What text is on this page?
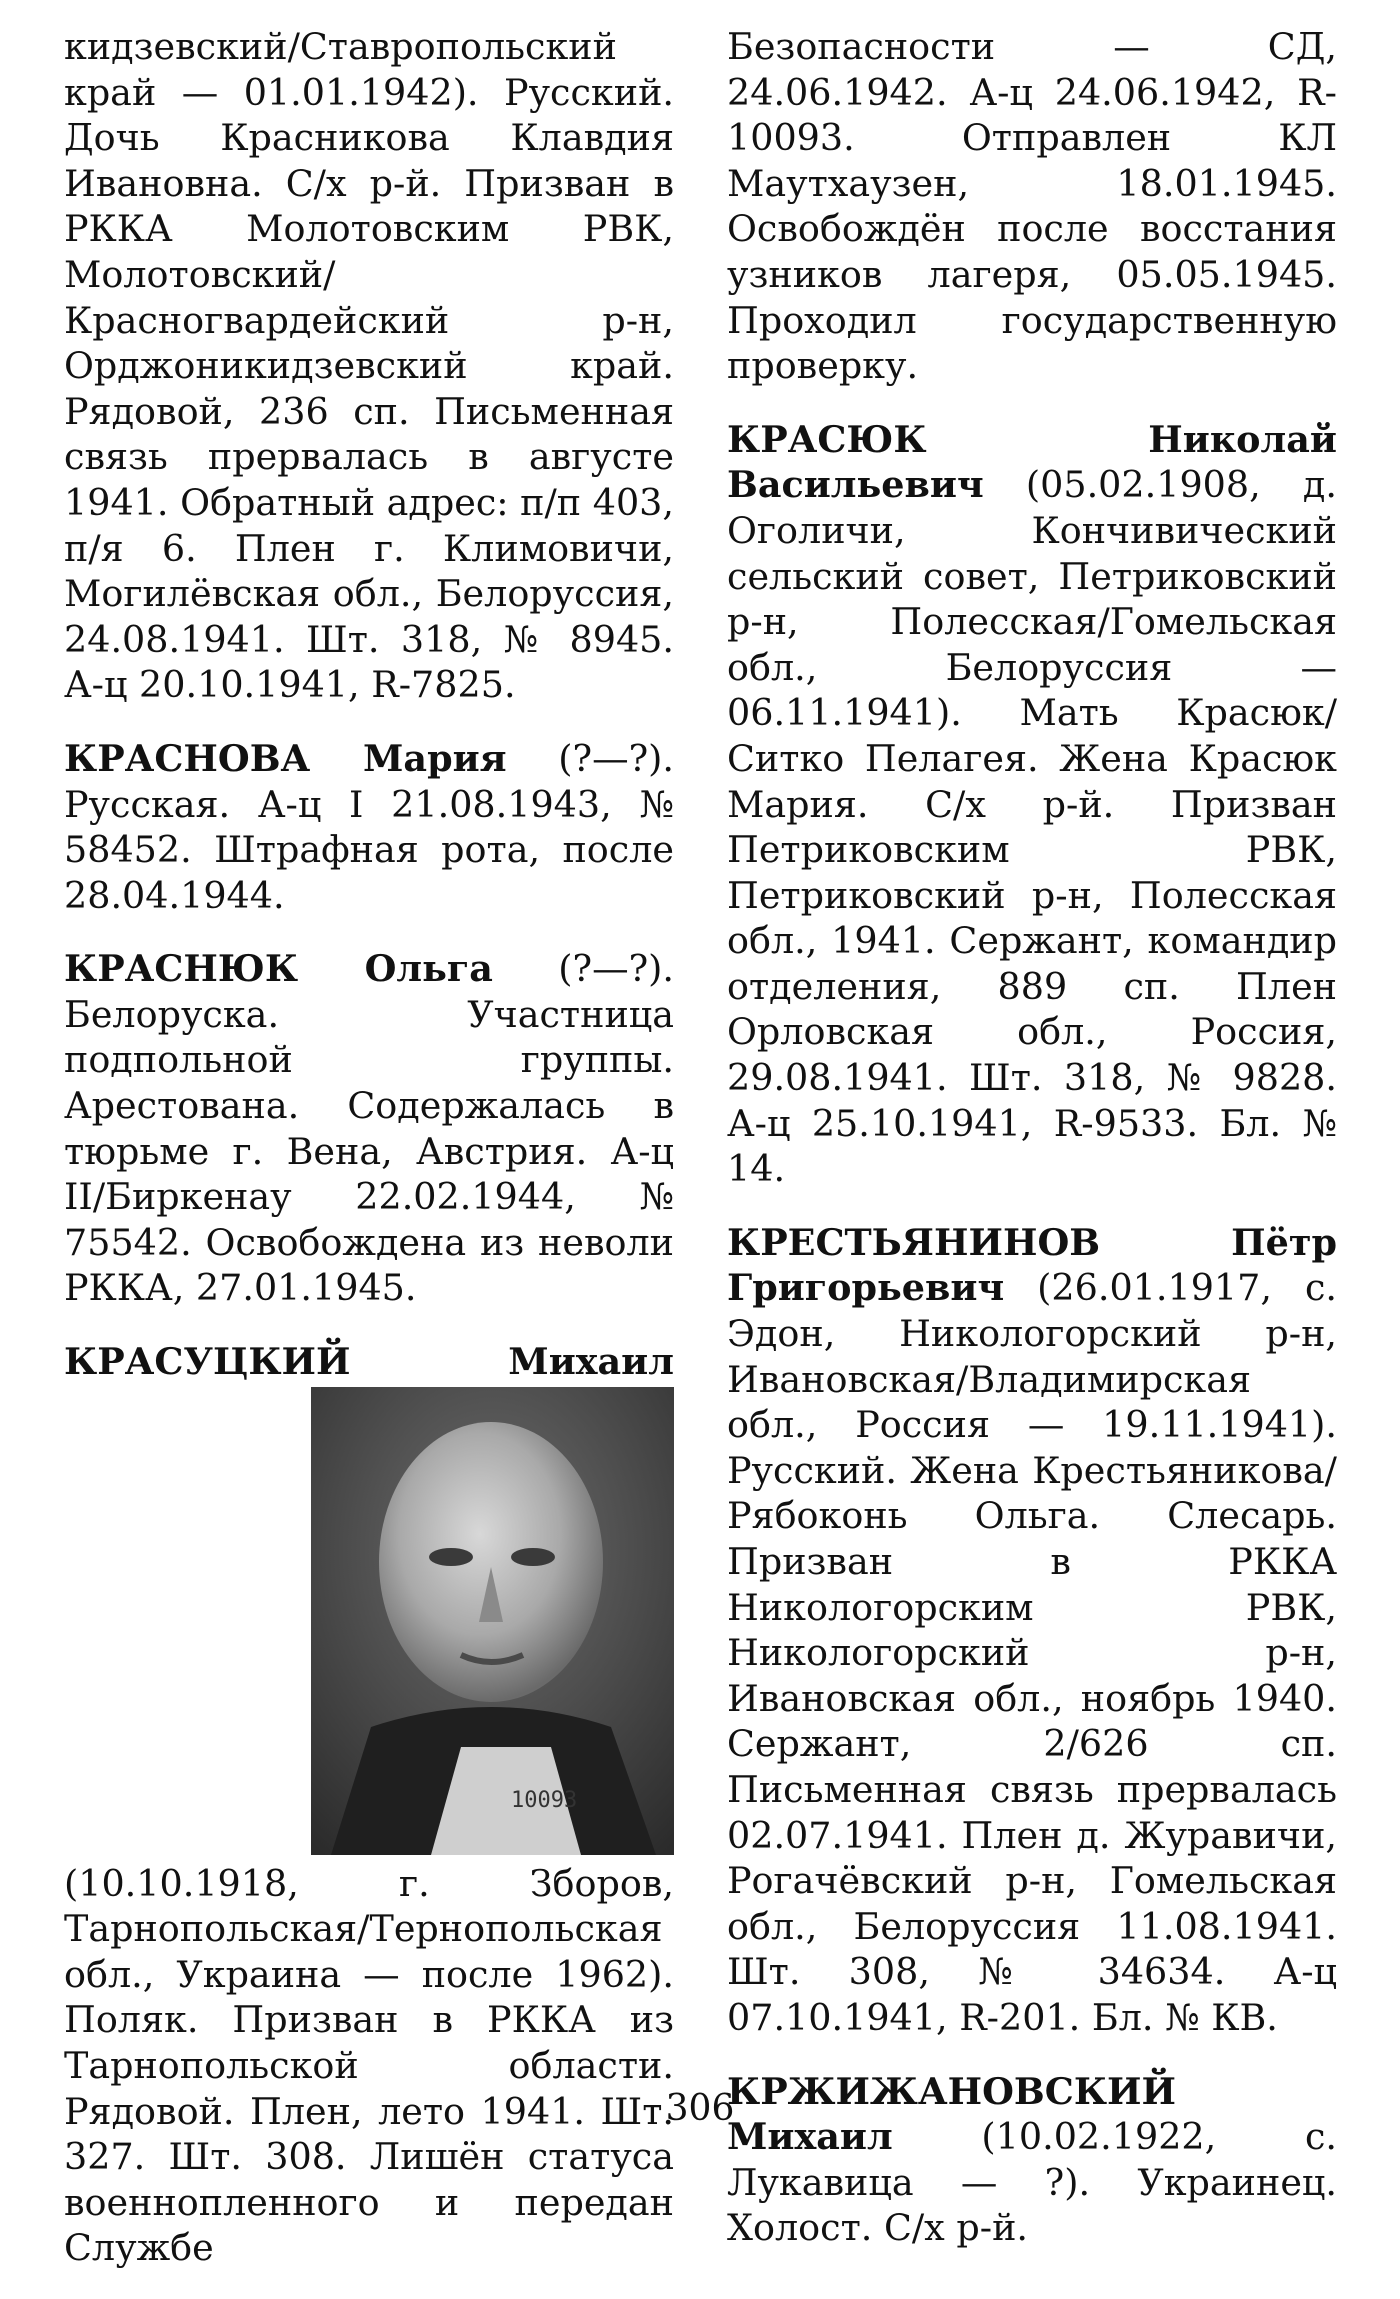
кидзевский/Ставропольский край — 01.01.1942). Русский. Дочь Красникова Клавдия Ивановна. С/х р-й. Призван в РККА Молотовским РВК, Молотовский/Красногвардейский р-н, Орджоникидзевский край. Рядовой, 236 сп. Письменная связь прервалась в августе 1941. Обратный адрес: п/п 403, п/я 6. Плен г. Климовичи, Могилёвская обл., Белоруссия, 24.08.1941. Шт. 318, № 8945. А-ц 20.10.1941, R-7825.

КРАСНОВА Мария (?—?). Русская. А-ц I 21.08.1943, № 58452. Штрафная рота, после 28.04.1944.

КРАСНЮК Ольга (?—?). Белоруска. Участница подпольной группы. Арестована. Содержалась в тюрьме г. Вена, Австрия. А-ц II/Биркенау 22.02.1944, № 75542. Освобождена из неволи РККА, 27.01.1945.

КРАСУЦКИЙ Михаил
10093
(10.10.1918, г. Зборов, Тарнопольская/Тернопольская обл., Украина — после 1962). Поляк. Призван в РККА из Тарнопольской области. Рядовой. Плен, лето 1941. Шт. 327. Шт. 308. Лишён статуса военнопленного и передан Службе

Безопасности — СД, 24.06.1942. А-ц 24.06.1942, R-10093. Отправлен КЛ Маутхаузен, 18.01.1945. Освобождён после восстания узников лагеря, 05.05.1945. Проходил государственную проверку.

КРАСЮК Николай Васильевич (05.02.1908, д. Оголичи, Кончивический сельский совет, Петриковский р-н, Полесская/Гомельская обл., Белоруссия — 06.11.1941). Мать Красюк/Ситко Пелагея. Жена Красюк Мария. С/х р-й. Призван Петриковским РВК, Петриковский р-н, Полесская обл., 1941. Сержант, командир отделения, 889 сп. Плен Орловская обл., Россия, 29.08.1941. Шт. 318, № 9828. А-ц 25.10.1941, R-9533. Бл. № 14.

КРЕСТЬЯНИНОВ Пётр Григорьевич (26.01.1917, с. Эдон, Никологорский р-н, Ивановская/Владимирская обл., Россия — 19.11.1941). Русский. Жена Крестьяникова/Рябоконь Ольга. Слесарь. Призван в РККА Никологорским РВК, Никологорский р-н, Ивановская обл., ноябрь 1940. Сержант, 2/626 сп. Письменная связь прервалась 02.07.1941. Плен д. Журавичи, Рогачёвский р-н, Гомельская обл., Белоруссия 11.08.1941. Шт. 308, № 34634. А-ц 07.10.1941, R-201. Бл. № КВ.

КРЖИЖАНОВСКИЙ Михаил (10.02.1922, с. Лукавица — ?). Украинец. Холост. С/х р-й.

306
